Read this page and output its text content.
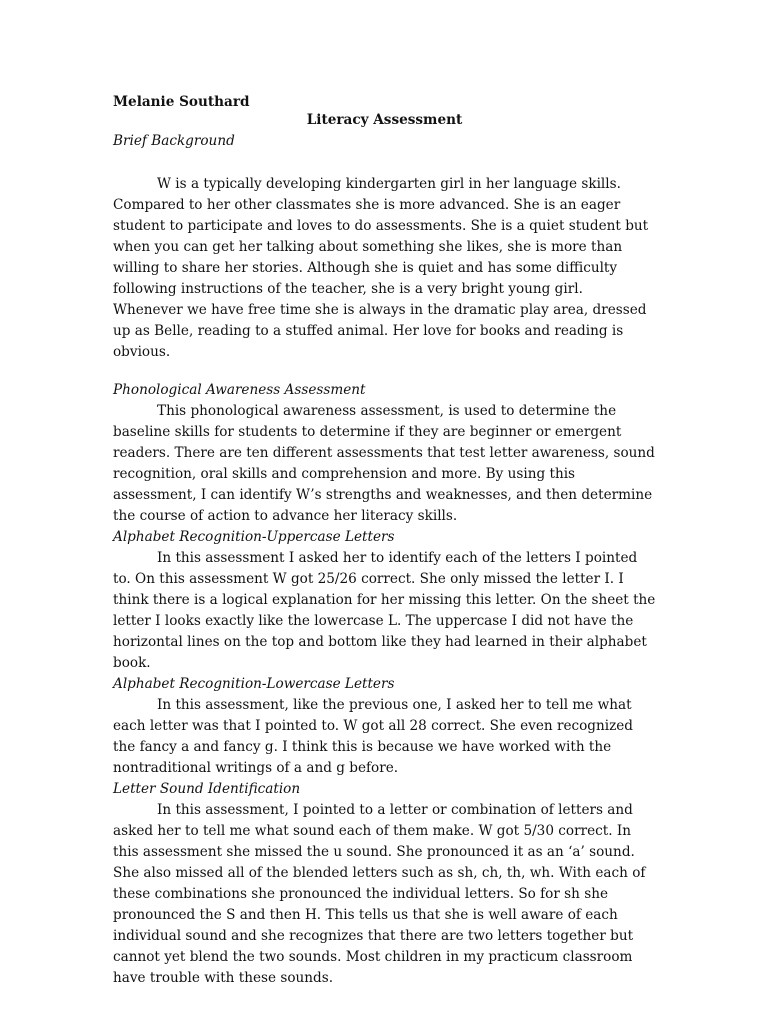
Melanie Southard

Literacy Assessment

Brief Background

W is a typically developing kindergarten girl in her language skills. Compared to her other classmates she is more advanced. She is an eager student to participate and loves to do assessments. She is a quiet student but when you can get her talking about something she likes, she is more than willing to share her stories. Although she is quiet and has some difficulty following instructions of the teacher, she is a very bright young girl. Whenever we have free time she is always in the dramatic play area, dressed up as Belle, reading to a stuffed animal. Her love for books and reading is obvious.

Phonological Awareness Assessment

This phonological awareness assessment, is used to determine the baseline skills for students to determine if they are beginner or emergent readers. There are ten different assessments that test letter awareness, sound recognition, oral skills and comprehension and more. By using this assessment, I can identify W’s strengths and weaknesses, and then determine the course of action to advance her literacy skills.

Alphabet Recognition-Uppercase Letters

In this assessment I asked her to identify each of the letters I pointed to. On this assessment W got 25/26 correct. She only missed the letter I. I think there is a logical explanation for her missing this letter. On the sheet the letter I looks exactly like the lowercase L. The uppercase I did not have the horizontal lines on the top and bottom like they had learned in their alphabet book.

Alphabet Recognition-Lowercase Letters

In this assessment, like the previous one, I asked her to tell me what each letter was that I pointed to. W got all 28 correct. She even recognized the fancy a and fancy g. I think this is because we have worked with the nontraditional writings of a and g before.

Letter Sound Identification

In this assessment, I pointed to a letter or combination of letters and asked her to tell me what sound each of them make. W got 5/30 correct. In this assessment she missed the u sound. She pronounced it as an ‘a’ sound. She also missed all of the blended letters such as sh, ch, th, wh. With each of these combinations she pronounced the individual letters. So for sh she pronounced the S and then H. This tells us that she is well aware of each individual sound and she recognizes that there are two letters together but cannot yet blend the two sounds. Most children in my practicum classroom have trouble with these sounds.
